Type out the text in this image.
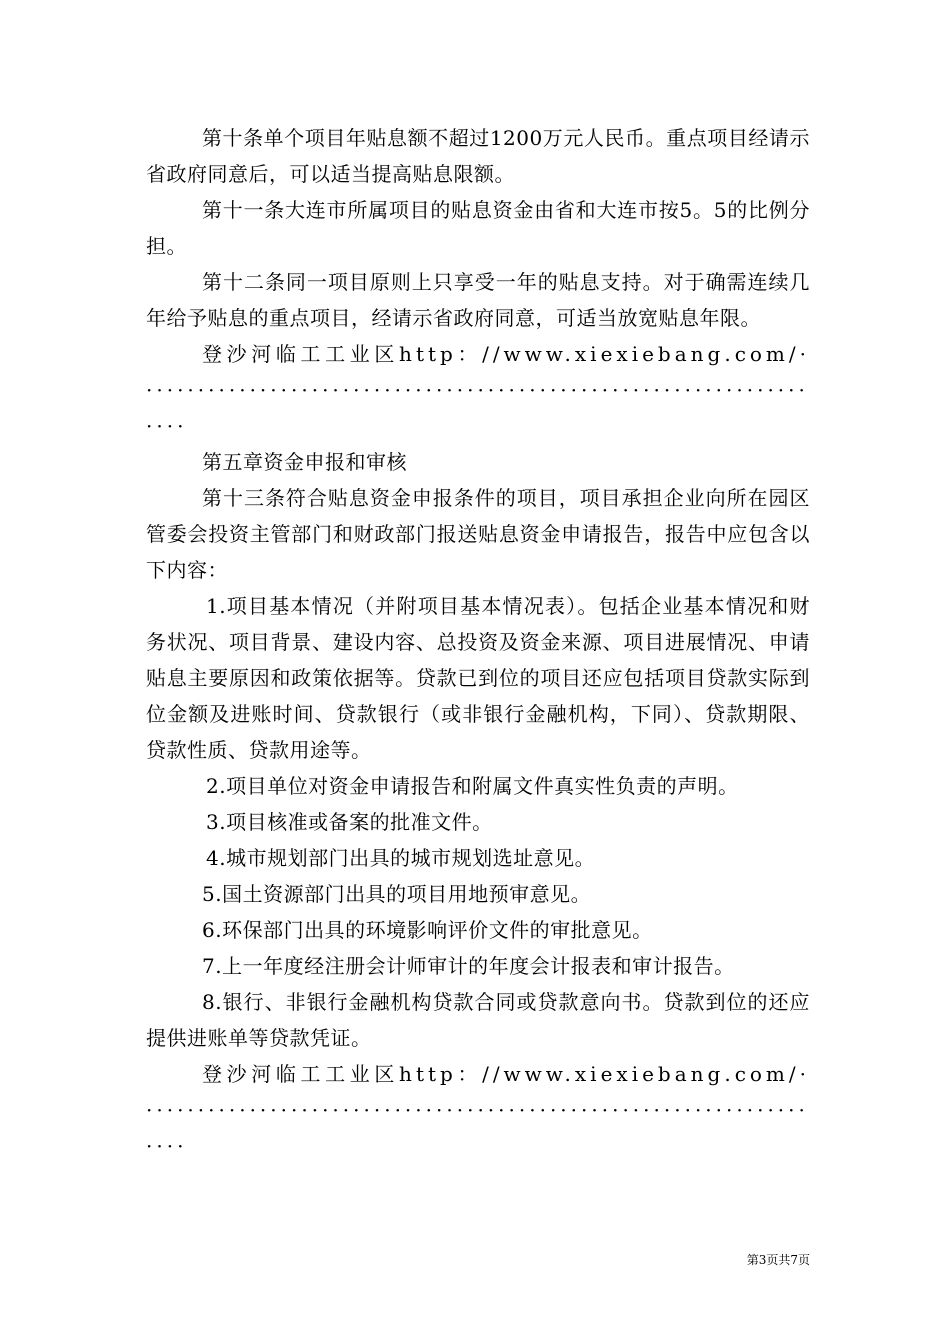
第十条单个项目年贴息额不超过1200万元人民币。重点项目经请示省政府同意后，可以适当提高贴息限额。

第十一条大连市所属项目的贴息资金由省和大连市按5。5的比例分担。

第十二条同一项目原则上只享受一年的贴息支持。对于确需连续几年给予贴息的重点项目，经请示省政府同意，可适当放宽贴息年限。

登沙河临工工业区http：//www.xiexiebang.com/·····································································

第五章资金申报和审核

第十三条符合贴息资金申报条件的项目，项目承担企业向所在园区管委会投资主管部门和财政部门报送贴息资金申请报告，报告中应包含以下内容：

1.项目基本情况（并附项目基本情况表）。包括企业基本情况和财务状况、项目背景、建设内容、总投资及资金来源、项目进展情况、申请贴息主要原因和政策依据等。贷款已到位的项目还应包括项目贷款实际到位金额及进账时间、贷款银行（或非银行金融机构，下同）、贷款期限、贷款性质、贷款用途等。

2.项目单位对资金申请报告和附属文件真实性负责的声明。

3.项目核准或备案的批准文件。

4.城市规划部门出具的城市规划选址意见。

5.国土资源部门出具的项目用地预审意见。

6.环保部门出具的环境影响评价文件的审批意见。

7.上一年度经注册会计师审计的年度会计报表和审计报告。

8.银行、非银行金融机构贷款合同或贷款意向书。贷款到位的还应提供进账单等贷款凭证。

登沙河临工工业区http：//www.xiexiebang.com/·····································································

第3页共7页
